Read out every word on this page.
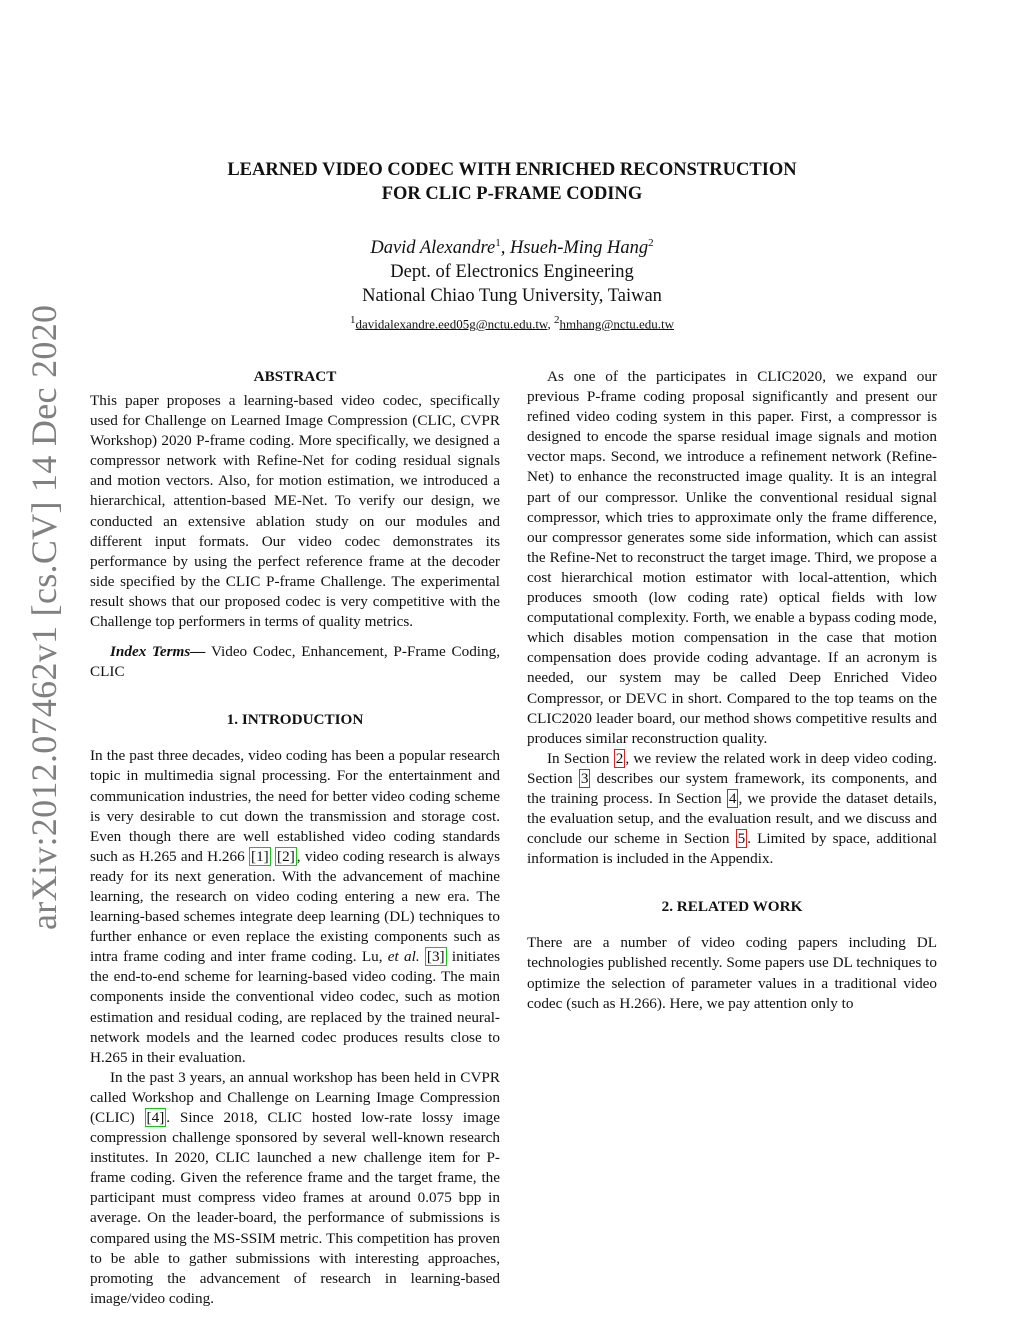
arXiv:2012.07462v1 [cs.CV] 14 Dec 2020
LEARNED VIDEO CODEC WITH ENRICHED RECONSTRUCTION
FOR CLIC P-FRAME CODING
David Alexandre$^1$, Hsueh-Ming Hang$^2$
Dept. of Electronics Engineering
National Chiao Tung University, Taiwan
$^1$davidalexandre.eed05g@nctu.edu.tw, $^2$hmhang@nctu.edu.tw
ABSTRACT

This paper proposes a learning-based video codec, specifically used for Challenge on Learned Image Compression (CLIC, CVPR Workshop) 2020 P-frame coding. More specifically, we designed a compressor network with Refine-Net for coding residual signals and motion vectors. Also, for motion estimation, we introduced a hierarchical, attention-based ME-Net. To verify our design, we conducted an extensive ablation study on our modules and different input formats. Our video codec demonstrates its performance by using the perfect reference frame at the decoder side specified by the CLIC P-frame Challenge. The experimental result shows that our proposed codec is very competitive with the Challenge top performers in terms of quality metrics.

Index Terms— Video Codec, Enhancement, P-Frame Coding, CLIC

1. INTRODUCTION

In the past three decades, video coding has been a popular research topic in multimedia signal processing. For the entertainment and communication industries, the need for better video coding scheme is very desirable to cut down the transmission and storage cost. Even though there are well established video coding standards such as H.265 and H.266 [1] [2] , video coding research is always ready for its next generation. With the advancement of machine learning, the research on video coding entering a new era. The learning-based schemes integrate deep learning (DL) techniques to further enhance or even replace the existing components such as intra frame coding and inter frame coding. Lu, et al. [3] initiates the end-to-end scheme for learning-based video coding. The main components inside the conventional video codec, such as motion estimation and residual coding, are replaced by the trained neural-network models and the learned codec produces results close to H.265 in their evaluation.

In the past 3 years, an annual workshop has been held in CVPR called Workshop and Challenge on Learning Image Compression (CLIC) [4] . Since 2018, CLIC hosted low-rate lossy image compression challenge sponsored by several well-known research institutes. In 2020, CLIC launched a new challenge item for P-frame coding. Given the reference frame and the target frame, the participant must compress video frames at around 0.075 bpp in average. On the leader-board, the performance of submissions is compared using the MS-SSIM metric. This competition has proven to be able to gather submissions with interesting approaches, promoting the advancement of research in learning-based image/video coding.

As one of the participates in CLIC2020, we expand our previous P-frame coding proposal significantly and present our refined video coding system in this paper. First, a compressor is designed to encode the sparse residual image signals and motion vector maps. Second, we introduce a refinement network (Refine-Net) to enhance the reconstructed image quality. It is an integral part of our compressor. Unlike the conventional residual signal compressor, which tries to approximate only the frame difference, our compressor generates some side information, which can assist the Refine-Net to reconstruct the target image. Third, we propose a cost hierarchical motion estimator with local-attention, which produces smooth (low coding rate) optical fields with low computational complexity. Forth, we enable a bypass coding mode, which disables motion compensation in the case that motion compensation does provide coding advantage. If an acronym is needed, our system may be called Deep Enriched Video Compressor, or DEVC in short. Compared to the top teams on the CLIC2020 leader board, our method shows competitive results and produces similar reconstruction quality.

In Section 2 , we review the related work in deep video coding. Section 3 describes our system framework, its components, and the training process. In Section 4 , we provide the dataset details, the evaluation setup, and the evaluation result, and we discuss and conclude our scheme in Section 5 . Limited by space, additional information is included in the Appendix.

2. RELATED WORK

There are a number of video coding papers including DL technologies published recently. Some papers use DL techniques to optimize the selection of parameter values in a traditional video codec (such as H.266). Here, we pay attention only to
